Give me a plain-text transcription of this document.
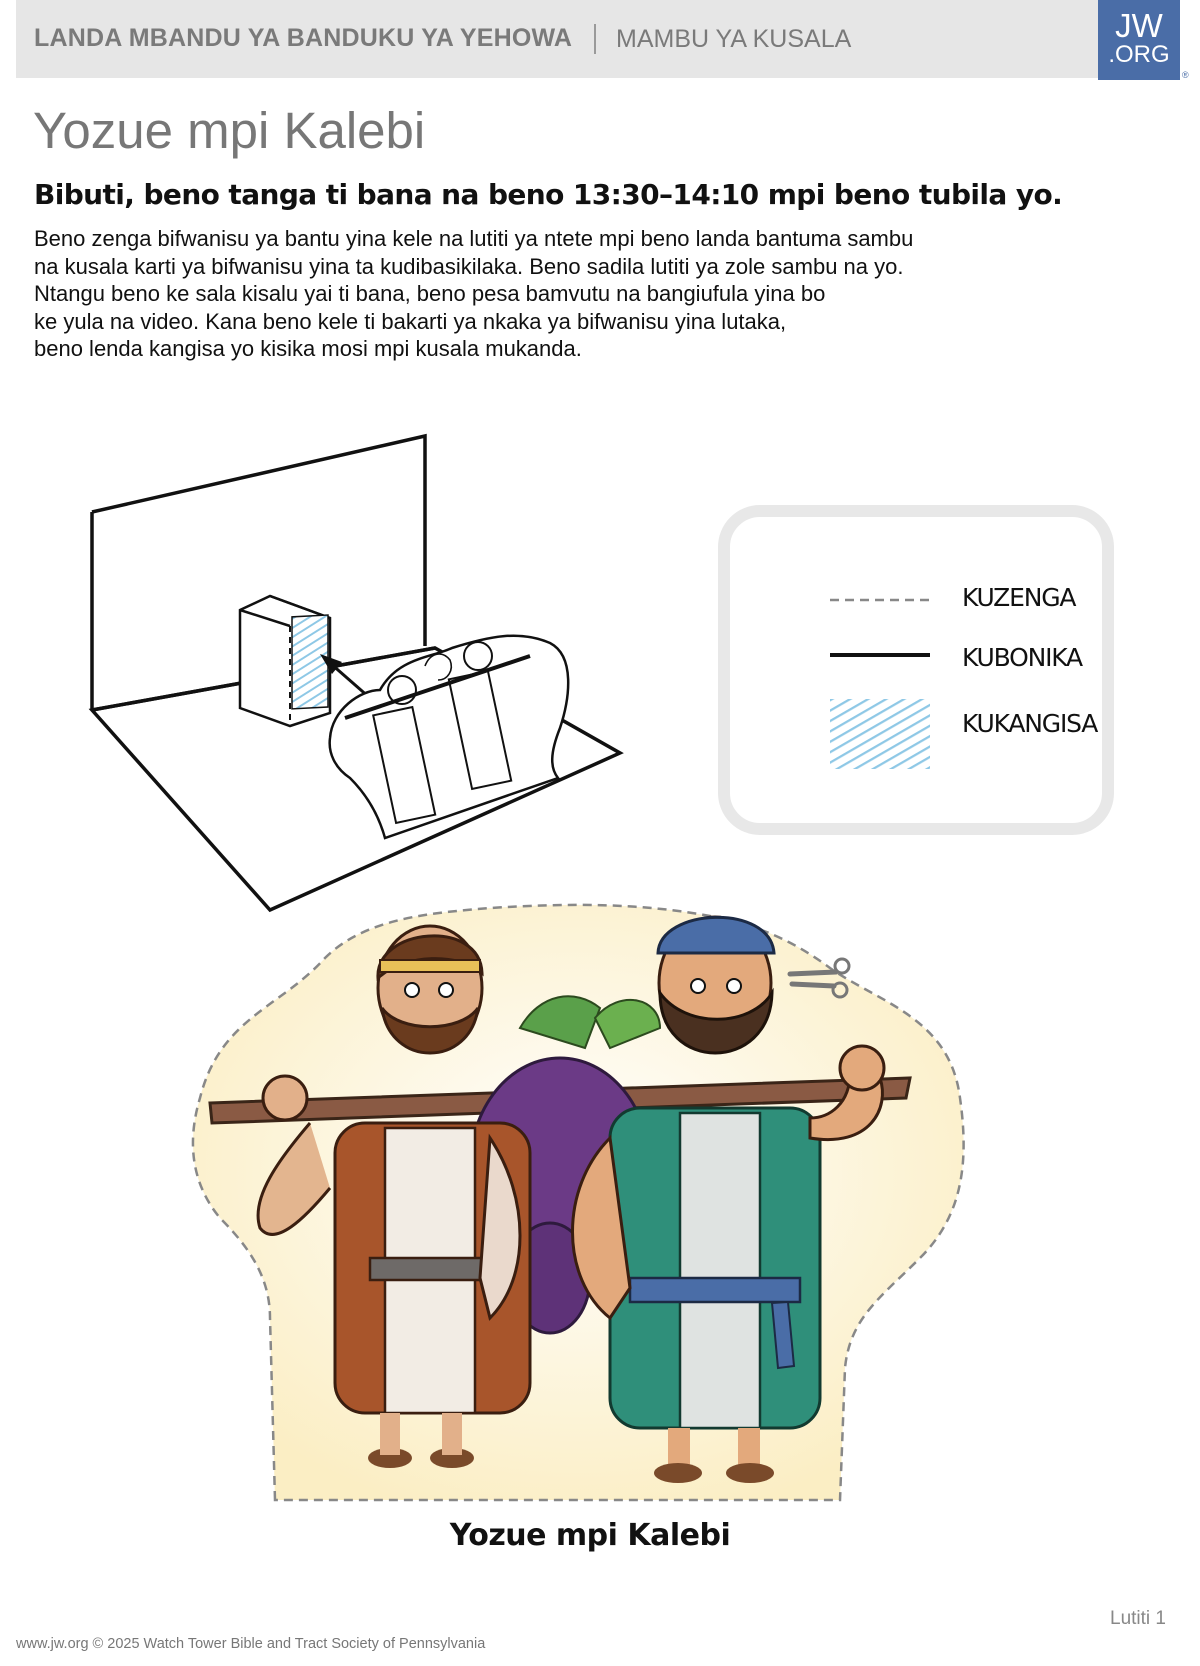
LANDA MBANDU YA BANDUKU YA YEHOWA MAMBU YA KUSALA	JW
.ORG
®
Yozue mpi Kalebi
Bibuti, beno tanga ti bana na beno 13:30–14:10 mpi beno tubila yo.
Beno zenga bifwanisu ya bantu yina kele na lutiti ya ntete mpi beno landa bantuma sambu
na kusala karti ya bifwanisu yina ta kudibasikilaka. Beno sadila lutiti ya zole sambu na yo.
Ntangu beno ke sala kisalu yai ti bana, beno pesa bamvutu na bangiufula yina bo
ke yula na video. Kana beno kele ti bakarti ya nkaka ya bifwanisu yina lutaka,
beno lenda kangisa yo kisika mosi mpi kusala mukanda.
KUZENGA
KUBONIKA
KUKANGISA
Yozue mpi Kalebi
Lutiti 1
www.jw.org © 2025 Watch Tower Bible and Tract Society of Pennsylvania
